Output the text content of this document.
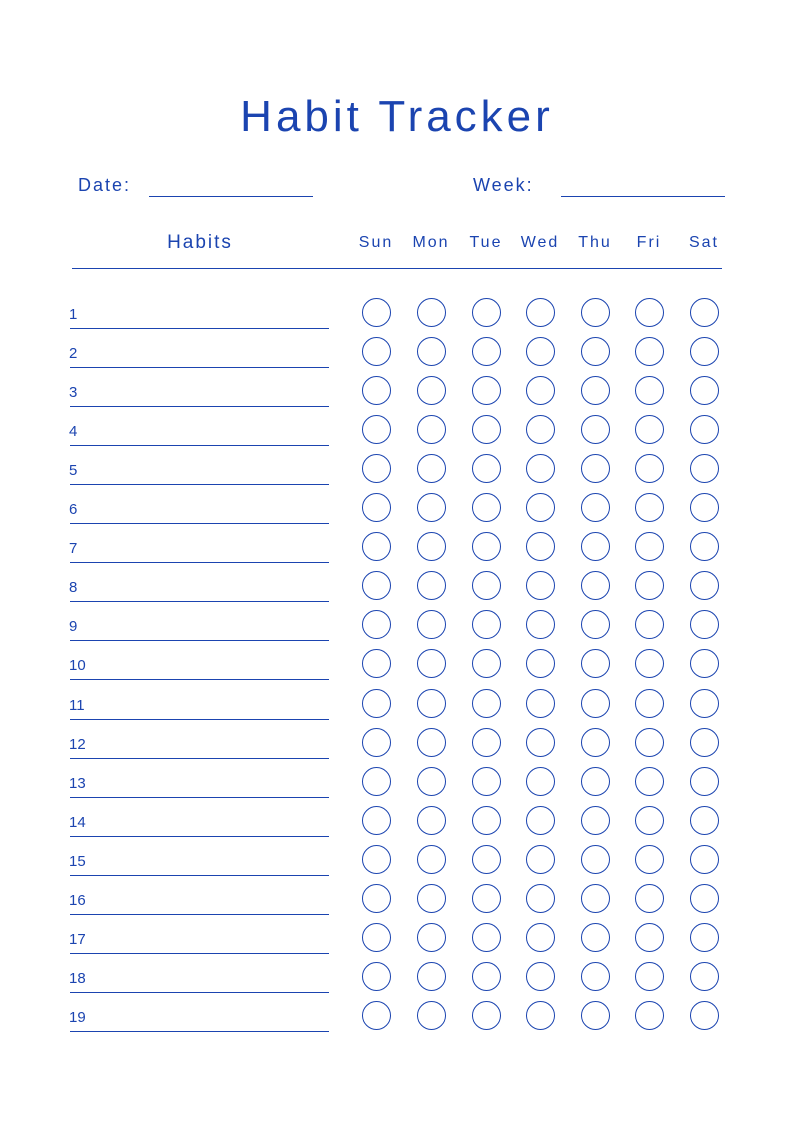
Habit Tracker
Date:	Week:
Habits	Sun	Mon	Tue	Wed	Thu	Fri	Sat
1
2
3
4
5
6
7
8
9
10
11
12
13
14
15
16
17
18
19
